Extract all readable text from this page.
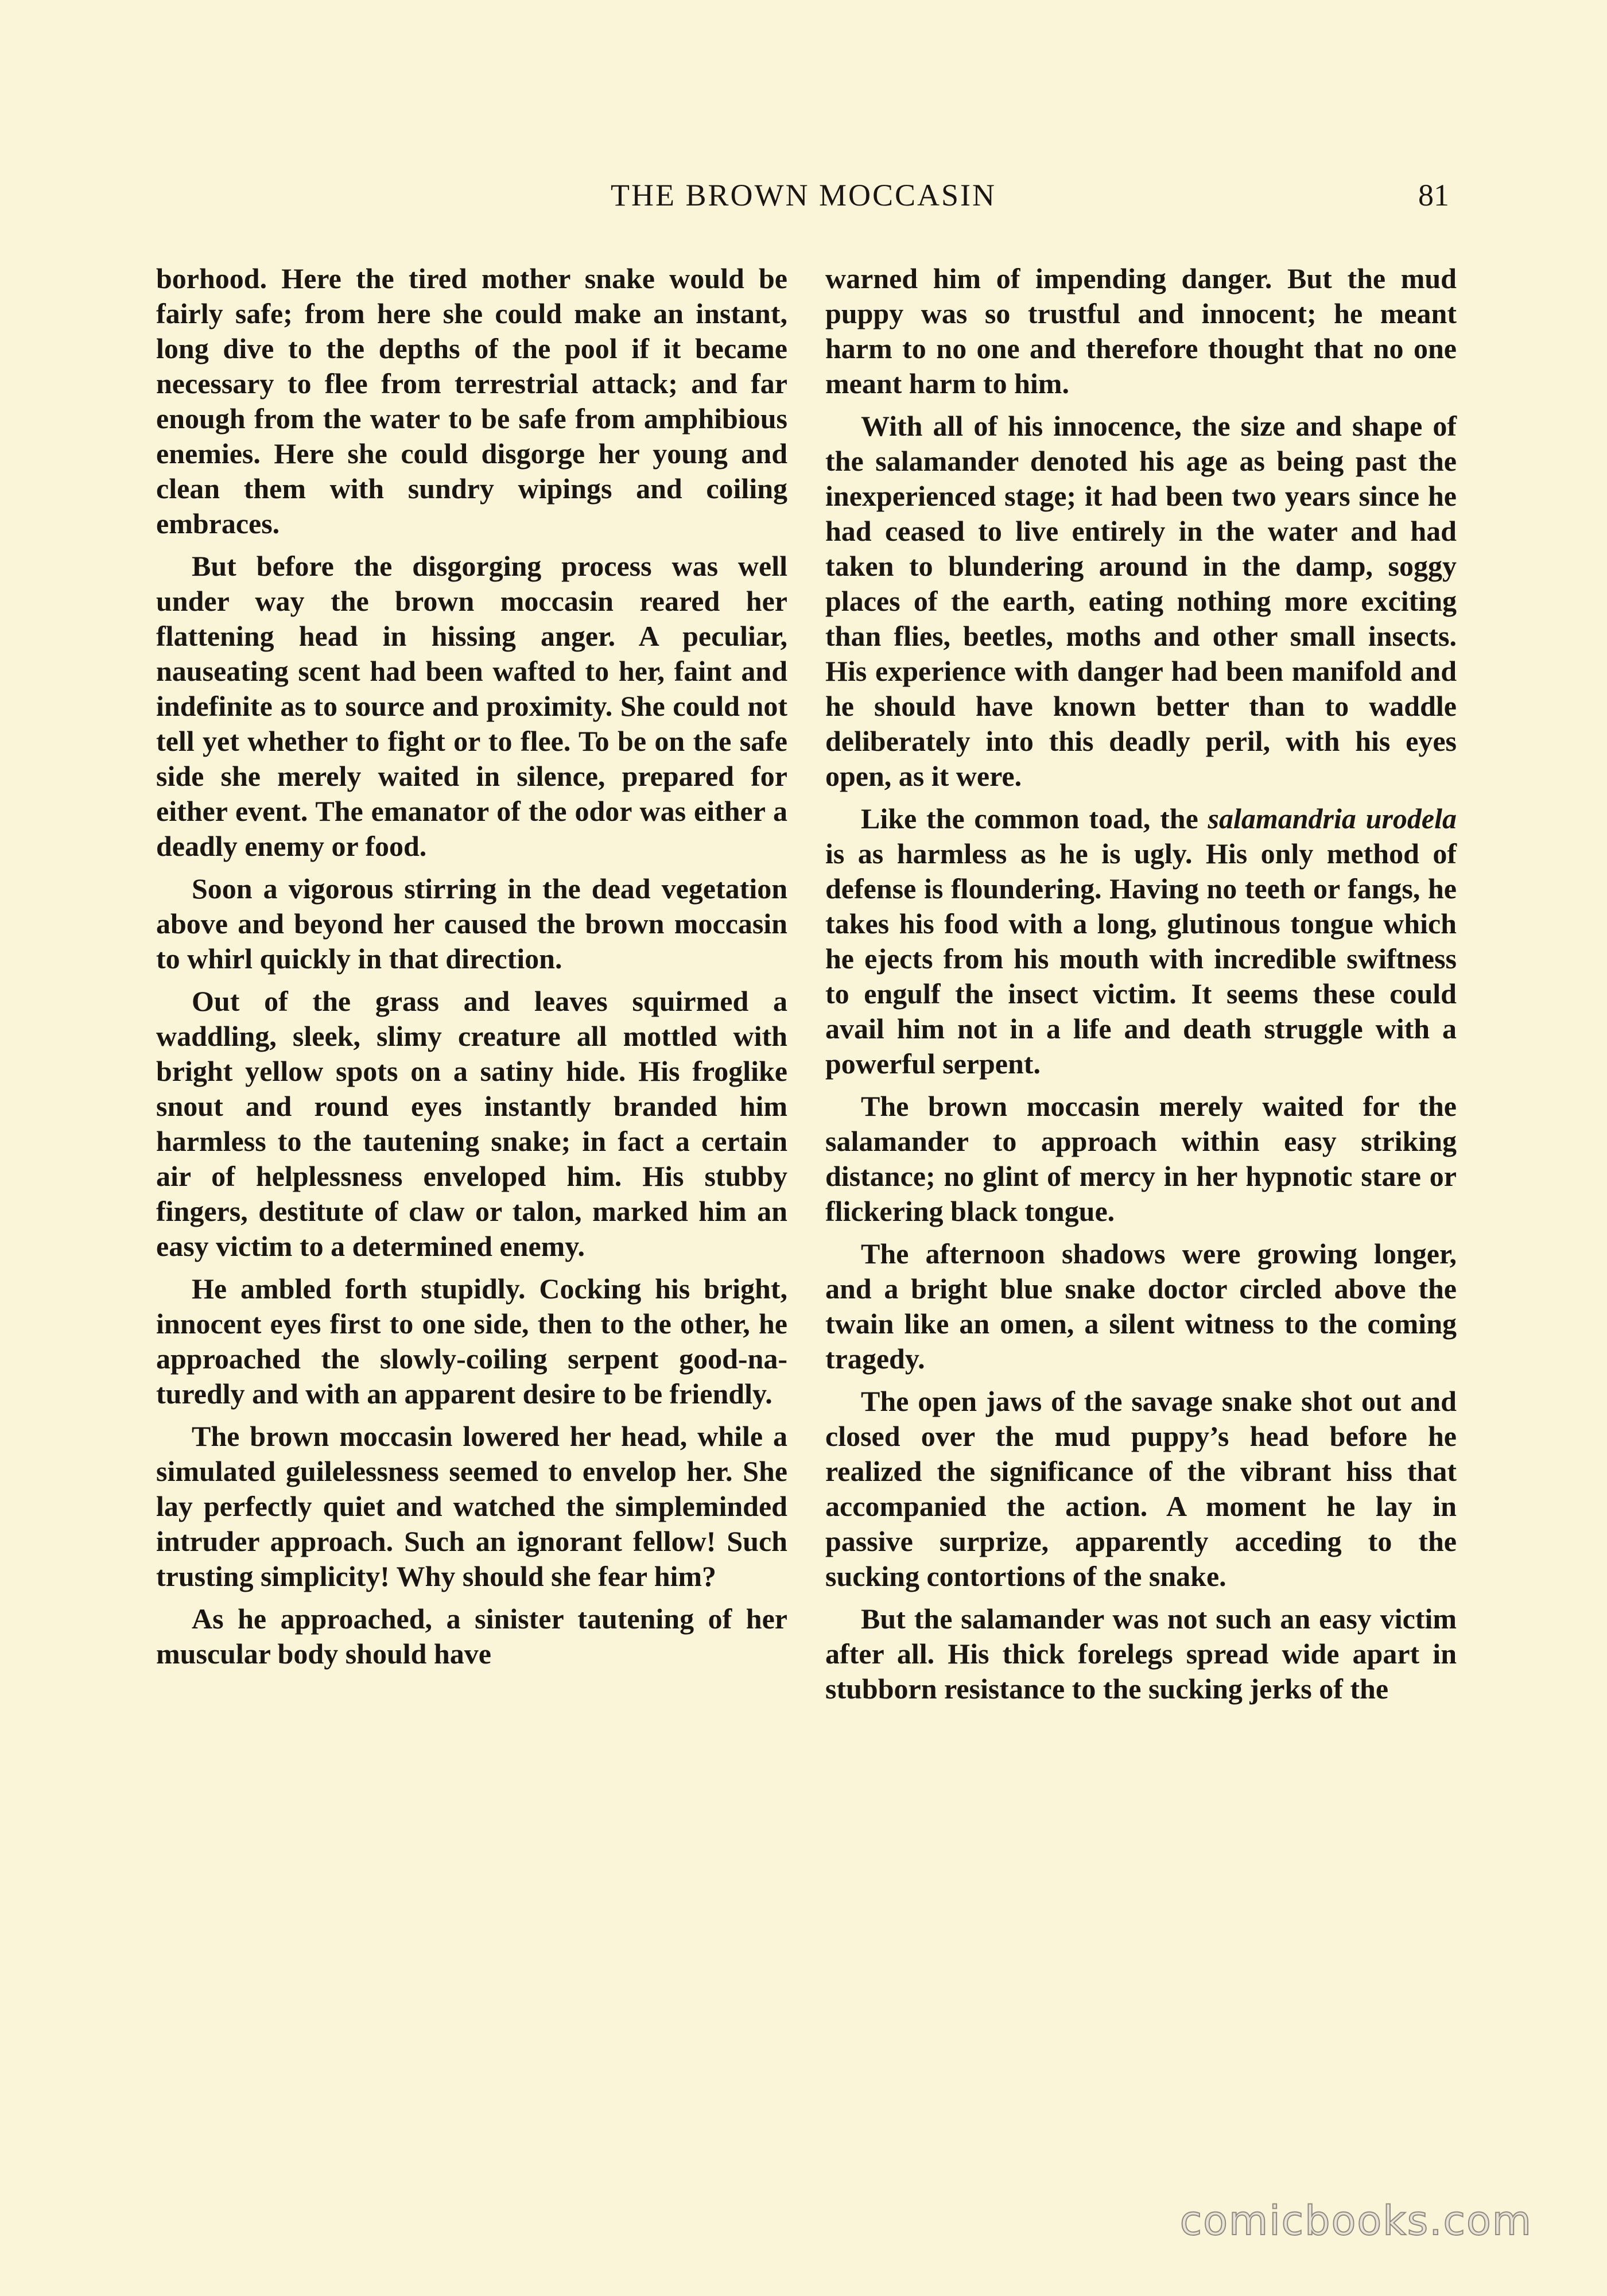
THE BROWN MOCCASIN	81

borhood. Here the tired mother snake would be fairly safe; from here she could make an instant, long dive to the depths of the pool if it became necessary to flee from terrestrial attack; and far enough from the water to be safe from amphibious enemies. Here she could disgorge her young and clean them with sundry wipings and coiling embraces.

But before the disgorging process was well under way the brown moccasin reared her flattening head in hissing anger. A peculiar, nauseating scent had been wafted to her, faint and indefinite as to source and proximity. She could not tell yet whether to fight or to flee. To be on the safe side she merely waited in silence, prepared for either event. The emanator of the odor was either a deadly enemy or food.

Soon a vigorous stirring in the dead vegetation above and beyond her caused the brown moccasin to whirl quickly in that direction.

Out of the grass and leaves squirmed a waddling, sleek, slimy creature all mottled with bright yellow spots on a satiny hide. His froglike snout and round eyes instantly branded him harmless to the tautening snake; in fact a certain air of helplessness enveloped him. His stubby fingers, destitute of claw or talon, marked him an easy victim to a determined enemy.

He ambled forth stupidly. Cocking his bright, innocent eyes first to one side, then to the other, he approached the slowly-coiling serpent good-naturedly and with an apparent desire to be friendly.

The brown moccasin lowered her head, while a simulated guilelessness seemed to envelop her. She lay perfectly quiet and watched the simpleminded intruder approach. Such an ignorant fellow! Such trusting simplicity! Why should she fear him?

As he approached, a sinister tautening of her muscular body should have

warned him of impending danger. But the mud puppy was so trustful and innocent; he meant harm to no one and therefore thought that no one meant harm to him.

With all of his innocence, the size and shape of the salamander denoted his age as being past the inexperienced stage; it had been two years since he had ceased to live entirely in the water and had taken to blundering around in the damp, soggy places of the earth, eating nothing more exciting than flies, beetles, moths and other small insects. His experience with danger had been manifold and he should have known better than to waddle deliberately into this deadly peril, with his eyes open, as it were.

Like the common toad, the salamandria urodela is as harmless as he is ugly. His only method of defense is floundering. Having no teeth or fangs, he takes his food with a long, glutinous tongue which he ejects from his mouth with incredible swiftness to engulf the insect victim. It seems these could avail him not in a life and death struggle with a powerful serpent.

The brown moccasin merely waited for the salamander to approach within easy striking distance; no glint of mercy in her hypnotic stare or flickering black tongue.

The afternoon shadows were growing longer, and a bright blue snake doctor circled above the twain like an omen, a silent witness to the coming tragedy.

The open jaws of the savage snake shot out and closed over the mud puppy’s head before he realized the significance of the vibrant hiss that accompanied the action. A moment he lay in passive surprize, apparently acceding to the sucking contortions of the snake.

But the salamander was not such an easy victim after all. His thick forelegs spread wide apart in stubborn resistance to the sucking jerks of the

comicbooks.com
